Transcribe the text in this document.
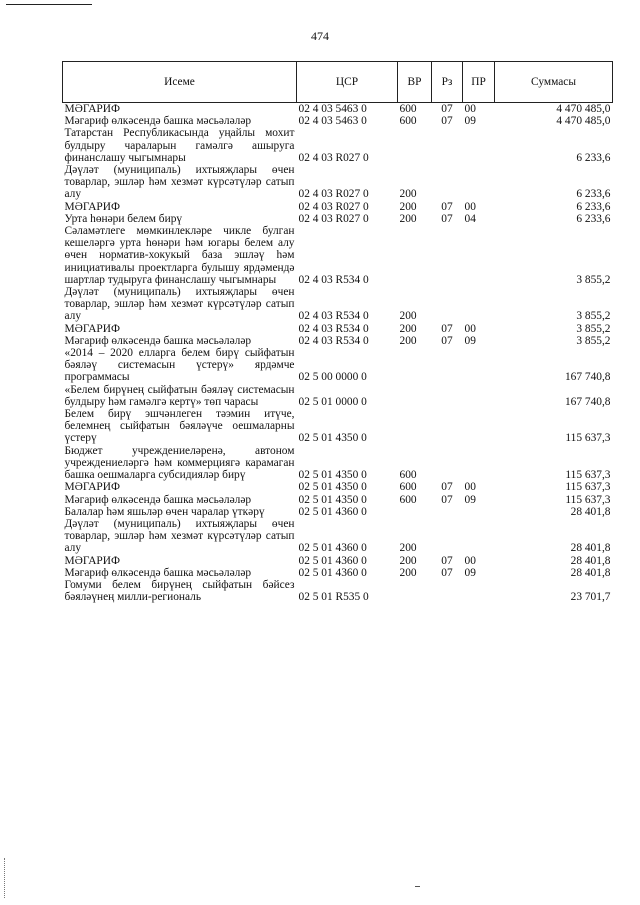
474
Исеме	ЦСР	ВР	Рз	ПР	Суммасы
МӘГАРИФ	02 4 03 5463 0	600	07	00	4 470 485,0
Мәгариф өлкәсендә башка мәсьәләләр	02 4 03 5463 0	600	07	09	4 470 485,0
Татарстан Республикасында уңайлы мохит булдыру чараларын гамәлгә ашыруга финанслашу чыгымнары	02 4 03 R027 0				6 233,6
Дәүләт (муниципаль) ихтыяҗлары өчен товарлар, эшләр һәм хезмәт күрсәтүләр сатып алу	02 4 03 R027 0	200			6 233,6
МӘГАРИФ	02 4 03 R027 0	200	07	00	6 233,6
Урта һөнәри белем бирү	02 4 03 R027 0	200	07	04	6 233,6
Сәламәтлеге мөмкинлекләре чикле булган кешеләргә урта һөнәри һәм югары белем алу өчен норматив-хокукый база эшләү һәм инициативалы проектларга булышу ярдәмендә шартлар тудыруга финанслашу чыгымнары	02 4 03 R534 0				3 855,2
Дәүләт (муниципаль) ихтыяҗлары өчен товарлар, эшләр һәм хезмәт күрсәтүләр сатып алу	02 4 03 R534 0	200			3 855,2
МӘГАРИФ	02 4 03 R534 0	200	07	00	3 855,2
Мәгариф өлкәсендә башка мәсьәләләр	02 4 03 R534 0	200	07	09	3 855,2
«2014 – 2020 елларга белем бирү сыйфатын бәяләү системасын үстерү» ярдәмче программасы	02 5 00 0000 0				167 740,8
«Белем бирүнең сыйфатын бәяләү системасын булдыру һәм гамәлгә кертү» төп чарасы	02 5 01 0000 0				167 740,8
Белем бирү эшчәнлеген тәэмин итүче, белемнең сыйфатын бәяләүче оешмаларны үстерү	02 5 01 4350 0				115 637,3
Бюджет учреждениеләренә, автоном учреждениеләргә һәм коммерциягә карамаган башка оешмаларга субсидияләр бирү	02 5 01 4350 0	600			115 637,3
МӘГАРИФ	02 5 01 4350 0	600	07	00	115 637,3
Мәгариф өлкәсендә башка мәсьәләләр	02 5 01 4350 0	600	07	09	115 637,3
Балалар һәм яшьләр өчен чаралар үткәрү	02 5 01 4360 0				28 401,8
Дәүләт (муниципаль) ихтыяҗлары өчен товарлар, эшләр һәм хезмәт күрсәтүләр сатып алу	02 5 01 4360 0	200			28 401,8
МӘГАРИФ	02 5 01 4360 0	200	07	00	28 401,8
Мәгариф өлкәсендә башка мәсьәләләр	02 5 01 4360 0	200	07	09	28 401,8
Гомуми белем бирүнең сыйфатын бәйсез бәяләүнең милли-региональ	02 5 01 R535 0				23 701,7
